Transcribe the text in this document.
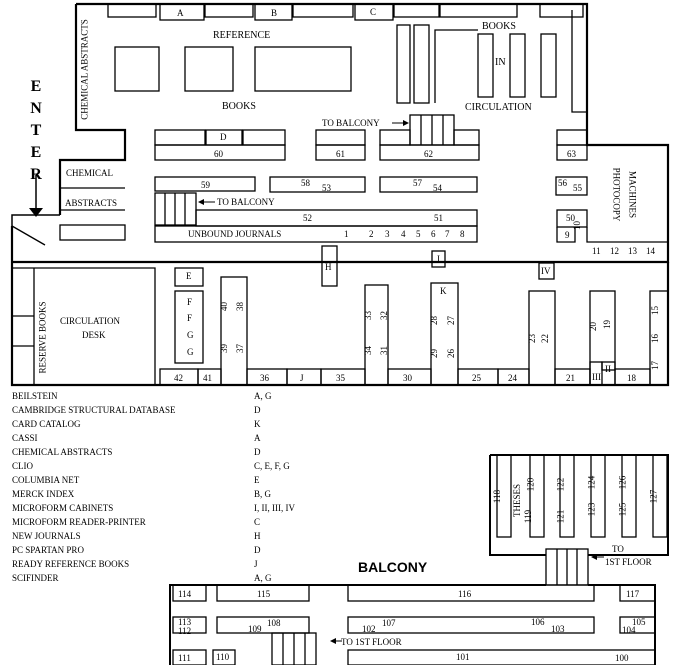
E
N
T
E
R
REFERENCE
BOOKS
BOOKS
IN
CIRCULATION
CHEMICAL ABSTRACTS
CHEMICAL
ABSTRACTS
TO BALCONY
TO BALCONY
UNBOUND JOURNALS
PHOTOCOPY MACHINES
CIRCULATION
DESK
RESERVE BOOKS
A	B	C
D
E
F
F
G
G
H
I
IV
K
III
II
J
60	61	62	63
59	58 53	57 54	56 55
52	51	50
10
9
11 12 13 14
1 2 3 4 5 6 7 8
15
16
17
18
19
20
21
22
23
24
25
26
27
28
29
30
31
32
33
34
35
36
37
38
39
40
41
42
BEILSTEIN	A, G
CAMBRIDGE STRUCTURAL DATABASE	D
CARD CATALOG	K
CASSI	A
CHEMICAL ABSTRACTS	D
CLIO	C, E, F, G
COLUMBIA NET	E
MERCK INDEX	B, G
MICROFORM CABINETS	I, II, III, IV
MICROFORM READER-PRINTER	C
NEW JOURNALS	H
PC SPARTAN PRO	D
READY REFERENCE BOOKS	J
SCIFINDER	A, G
BALCONY
TO
1ST FLOOR
TO 1ST FLOOR
114	115	116	117
113
112	109
108	107
102
106
103
105
104
111	110	101	100
118 THESES 119
120
121
122
123
124
125
126
127
